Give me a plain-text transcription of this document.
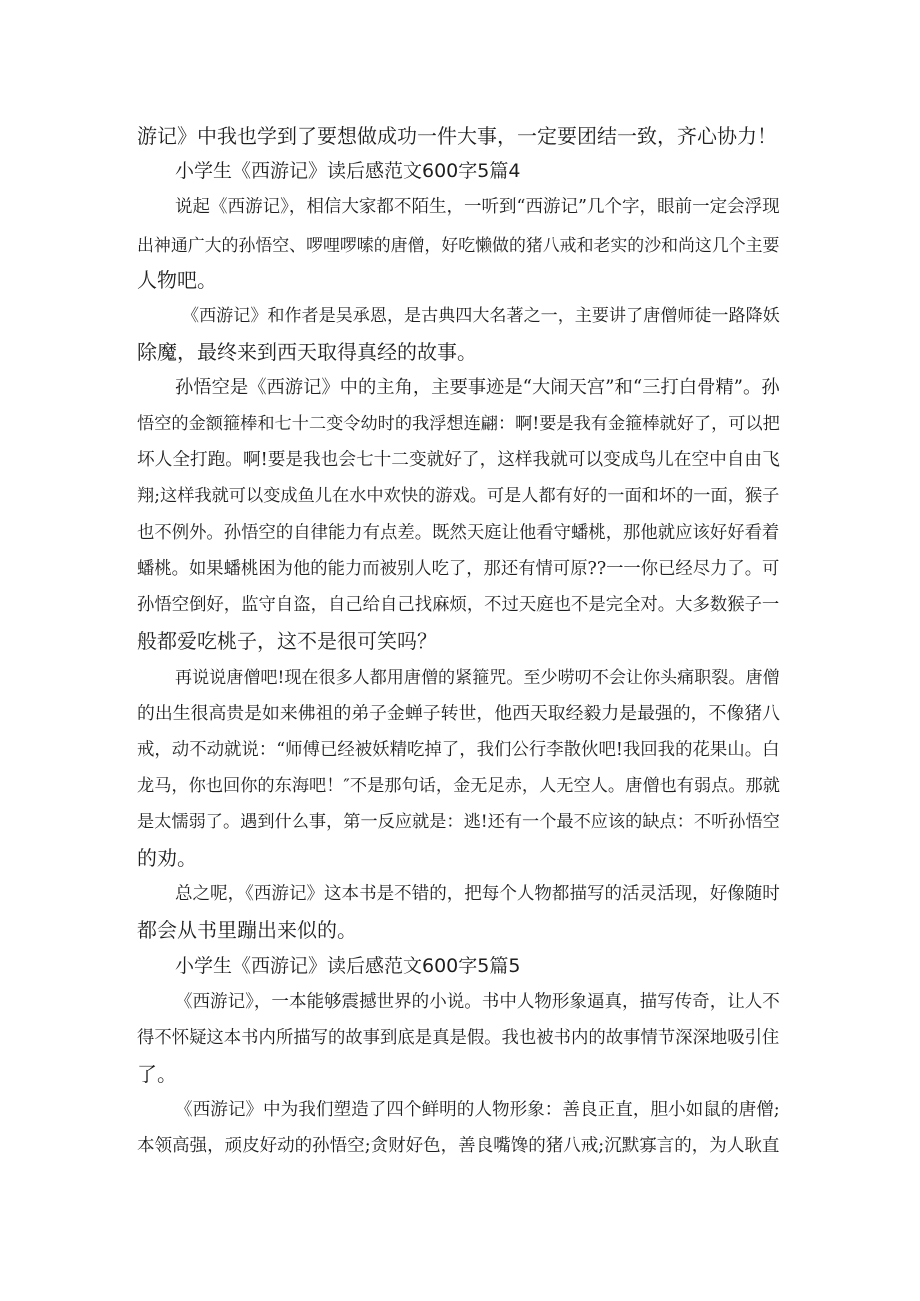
游记》中我也学到了要想做成功一件大事，一定要团结一致，齐心协力！
小学生《西游记》读后感范文600字5篇4
说起《西游记》，相信大家都不陌生，一听到“西游记”几个字，眼前一定会浮现
出神通广大的孙悟空、啰哩啰嗦的唐僧，好吃懒做的猪八戒和老实的沙和尚这几个主要
人物吧。
《西游记》和作者是吴承恩，是古典四大名著之一，主要讲了唐僧师徒一路降妖
除魔，最终来到西天取得真经的故事。
孙悟空是《西游记》中的主角，主要事迹是“大闹天宫”和“三打白骨精”。孙
悟空的金额箍棒和七十二变令幼时的我浮想连翩：啊!要是我有金箍棒就好了，可以把
坏人全打跑。啊!要是我也会七十二变就好了，这样我就可以变成鸟儿在空中自由飞
翔;这样我就可以变成鱼儿在水中欢快的游戏。可是人都有好的一面和坏的一面，猴子
也不例外。孙悟空的自律能力有点差。既然天庭让他看守蟠桃，那他就应该好好看着
蟠桃。如果蟠桃困为他的能力而被别人吃了，那还有情可原??一一你已经尽力了。可
孙悟空倒好，监守自盗，自己给自己找麻烦，不过天庭也不是完全对。大多数猴子一
般都爱吃桃子，这不是很可笑吗？
再说说唐僧吧!现在很多人都用唐僧的紧箍咒。至少唠叨不会让你头痛职裂。唐僧
的出生很高贵是如来佛祖的弟子金蝉子转世，他西天取经毅力是最强的，不像猪八
戒，动不动就说：“师傅已经被妖精吃掉了，我们公行李散伙吧!我回我的花果山。白
龙马，你也回你的东海吧！″不是那句话，金无足赤，人无空人。唐僧也有弱点。那就
是太懦弱了。遇到什么事，第一反应就是：逃!还有一个最不应该的缺点：不听孙悟空
的劝。
总之呢，《西游记》这本书是不错的，把每个人物都描写的活灵活现，好像随时
都会从书里蹦出来似的。
小学生《西游记》读后感范文600字5篇5
《西游记》，一本能够震撼世界的小说。书中人物形象逼真，描写传奇，让人不
得不怀疑这本书内所描写的故事到底是真是假。我也被书内的故事情节深深地吸引住
了。
《西游记》中为我们塑造了四个鲜明的人物形象：善良正直，胆小如鼠的唐僧;
本领高强，顽皮好动的孙悟空;贪财好色，善良嘴馋的猪八戒;沉默寡言的，为人耿直
